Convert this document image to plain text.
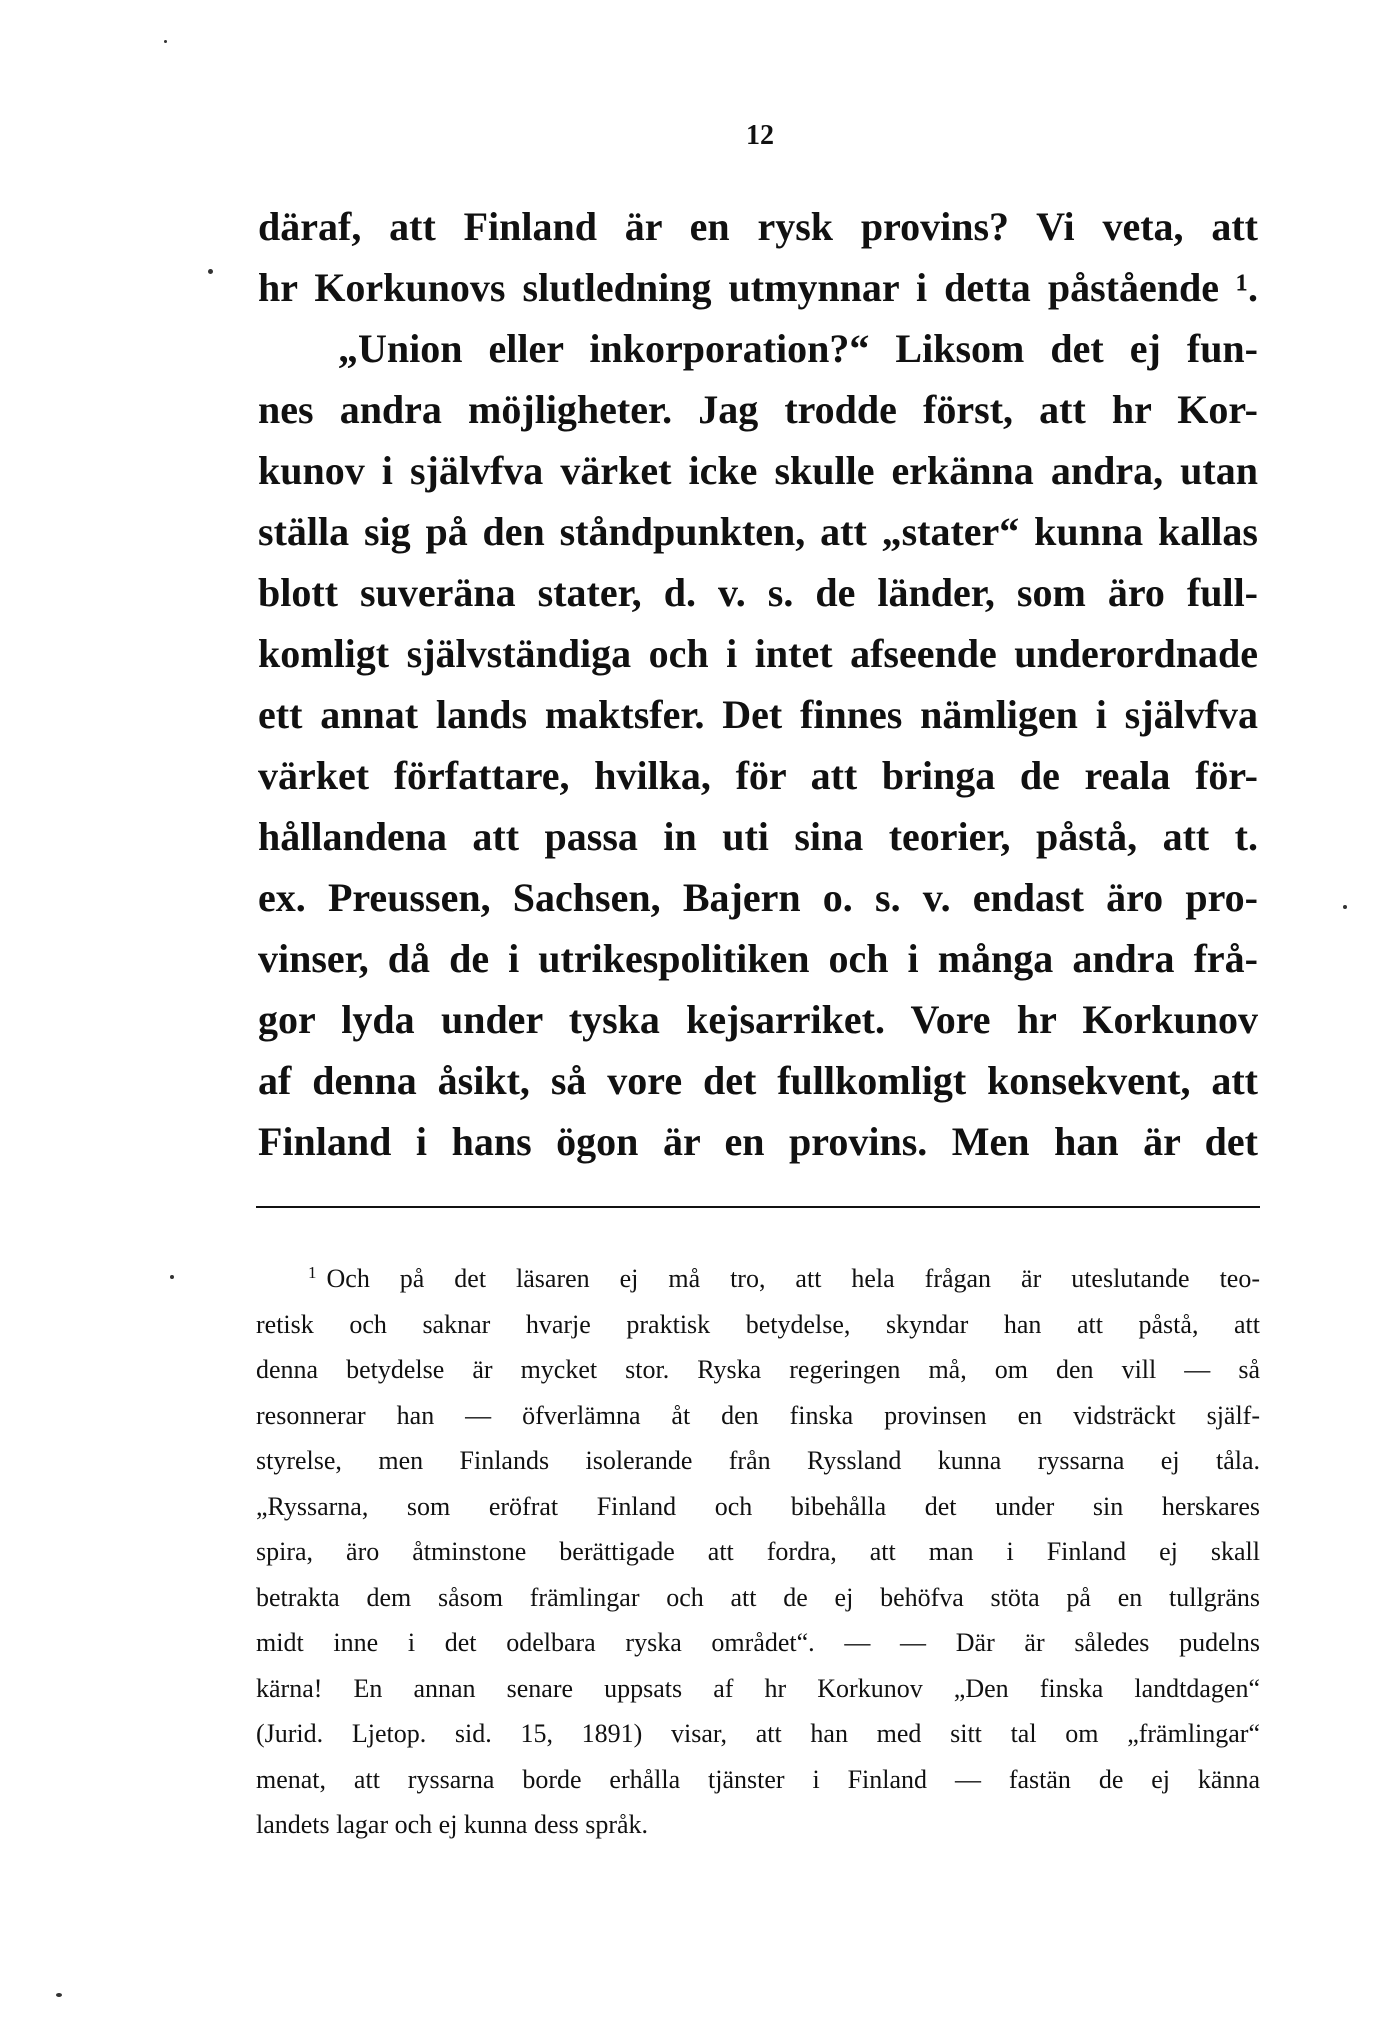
12
däraf, att Finland är en rysk provins? Vi veta, att
hr Korkunovs slutledning utmynnar i detta påstående ¹.
„Union eller inkorporation?“ Liksom det ej fun-
nes andra möjligheter. Jag trodde först, att hr Kor-
kunov i självfva värket icke skulle erkänna andra, utan
ställa sig på den ståndpunkten, att „stater“ kunna kallas
blott suveräna stater, d. v. s. de länder, som äro full-
komligt självständiga och i intet afseende underordnade
ett annat lands maktsfer. Det finnes nämligen i självfva
värket författare, hvilka, för att bringa de reala för-
hållandena att passa in uti sina teorier, påstå, att t.
ex. Preussen, Sachsen, Bajern o. s. v. endast äro pro-
vinser, då de i utrikespolitiken och i många andra frå-
gor lyda under tyska kejsarriket. Vore hr Korkunov
af denna åsikt, så vore det fullkomligt konsekvent, att
Finland i hans ögon är en provins. Men han är det
$^1$ Och på det läsaren ej må tro, att hela frågan är uteslutande teo-
retisk och saknar hvarje praktisk betydelse, skyndar han att påstå, att
denna betydelse är mycket stor. Ryska regeringen må, om den vill — så
resonnerar han — öfverlämna åt den finska provinsen en vidsträckt själf-
styrelse, men Finlands isolerande från Ryssland kunna ryssarna ej tåla.
„Ryssarna, som eröfrat Finland och bibehålla det under sin herskares
spira, äro åtminstone berättigade att fordra, att man i Finland ej skall
betrakta dem såsom främlingar och att de ej behöfva stöta på en tullgräns
midt inne i det odelbara ryska området“. — — Där är således pudelns
kärna! En annan senare uppsats af hr Korkunov „Den finska landtdagen“
(Jurid. Ljetop. sid. 15, 1891) visar, att han med sitt tal om „främlingar“
menat, att ryssarna borde erhålla tjänster i Finland — fastän de ej känna
landets lagar och ej kunna dess språk.
